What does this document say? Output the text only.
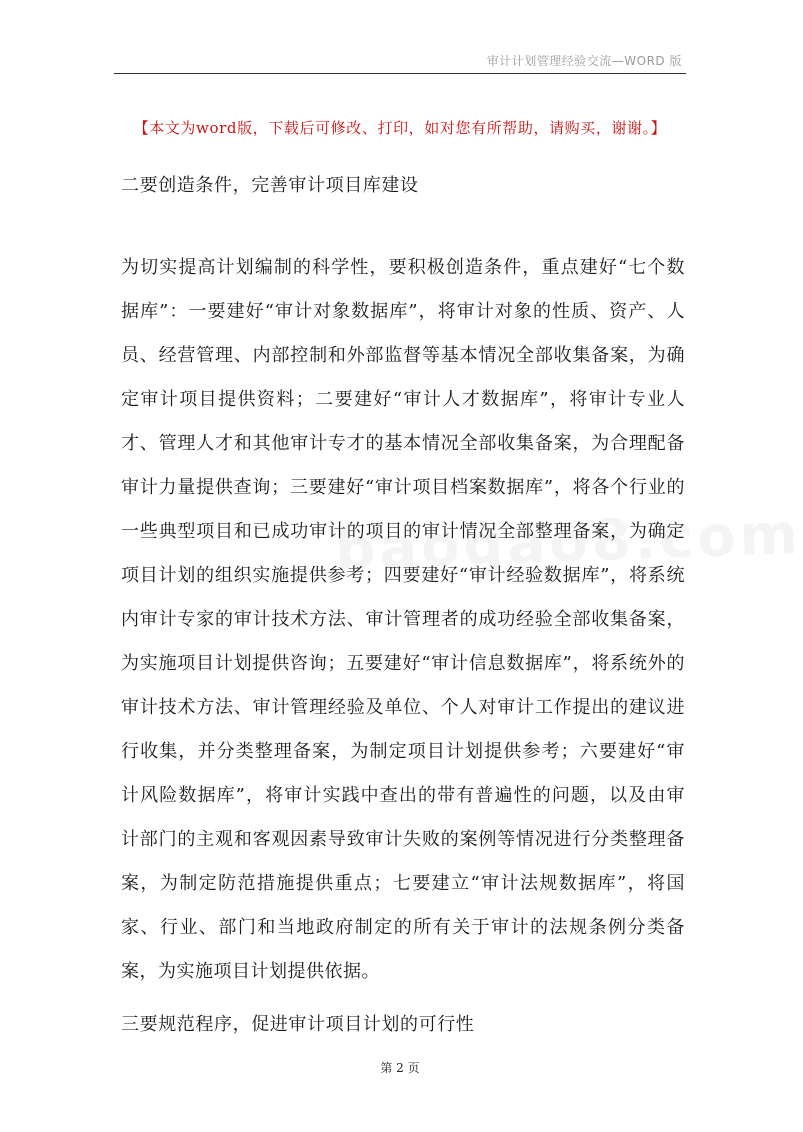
审计计划管理经验交流—WORD 版
【本文为word版，下载后可修改、打印，如对您有所帮助，请购买，谢谢。】
二要创造条件，完善审计项目库建设
为切实提高计划编制的科学性，要积极创造条件，重点建好“七个数据库”：一要建好“审计对象数据库”，将审计对象的性质、资产、人员、经营管理、内部控制和外部监督等基本情况全部收集备案，为确定审计项目提供资料；二要建好“审计人才数据库”，将审计专业人才、管理人才和其他审计专才的基本情况全部收集备案，为合理配备审计力量提供查询；三要建好“审计项目档案数据库”，将各个行业的一些典型项目和已成功审计的项目的审计情况全部整理备案，为确定项目计划的组织实施提供参考；四要建好“审计经验数据库”，将系统内审计专家的审计技术方法、审计管理者的成功经验全部收集备案，为实施项目计划提供咨询；五要建好“审计信息数据库”，将系统外的审计技术方法、审计管理经验及单位、个人对审计工作提出的建议进行收集，并分类整理备案，为制定项目计划提供参考；六要建好“审计风险数据库”，将审计实践中查出的带有普遍性的问题，以及由审计部门的主观和客观因素导致审计失败的案例等情况进行分类整理备案，为制定防范措施提供重点；七要建立“审计法规数据库”，将国家、行业、部门和当地政府制定的所有关于审计的法规条例分类备案，为实施项目计划提供依据。
三要规范程序，促进审计项目计划的可行性
第 2 页
